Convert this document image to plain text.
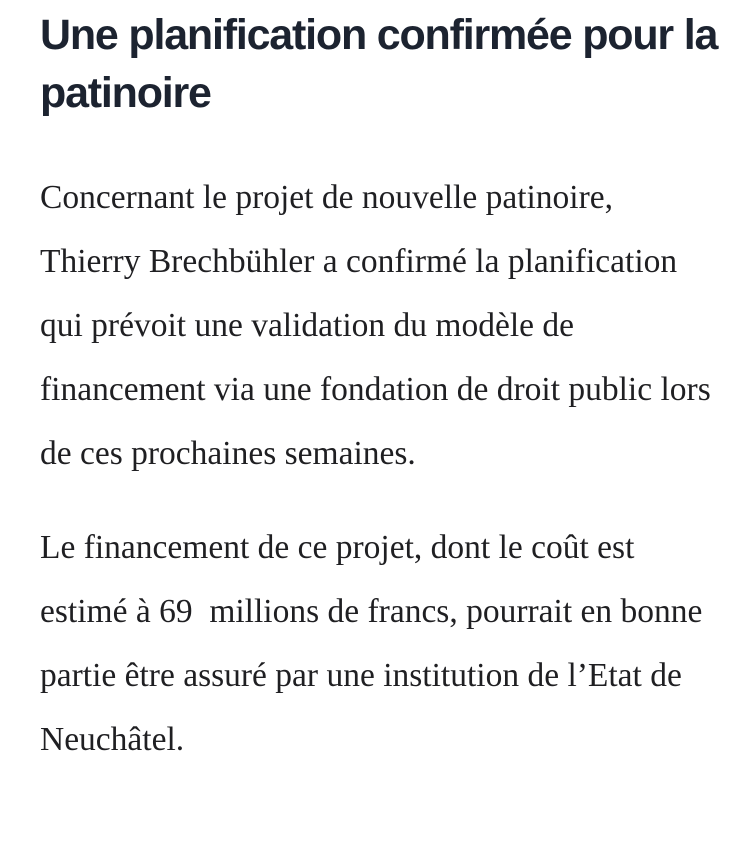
Une planification confirmée pour la patinoire

Concernant le projet de nouvelle patinoire, Thierry Brechbühler a confirmé la planification qui prévoit une validation du modèle de financement via une fondation de droit public lors de ces prochaines semaines.

Le financement de ce projet, dont le coût est estimé à 69  millions de francs, pourrait en bonne partie être assuré par une institution de l’Etat de Neuchâtel.
